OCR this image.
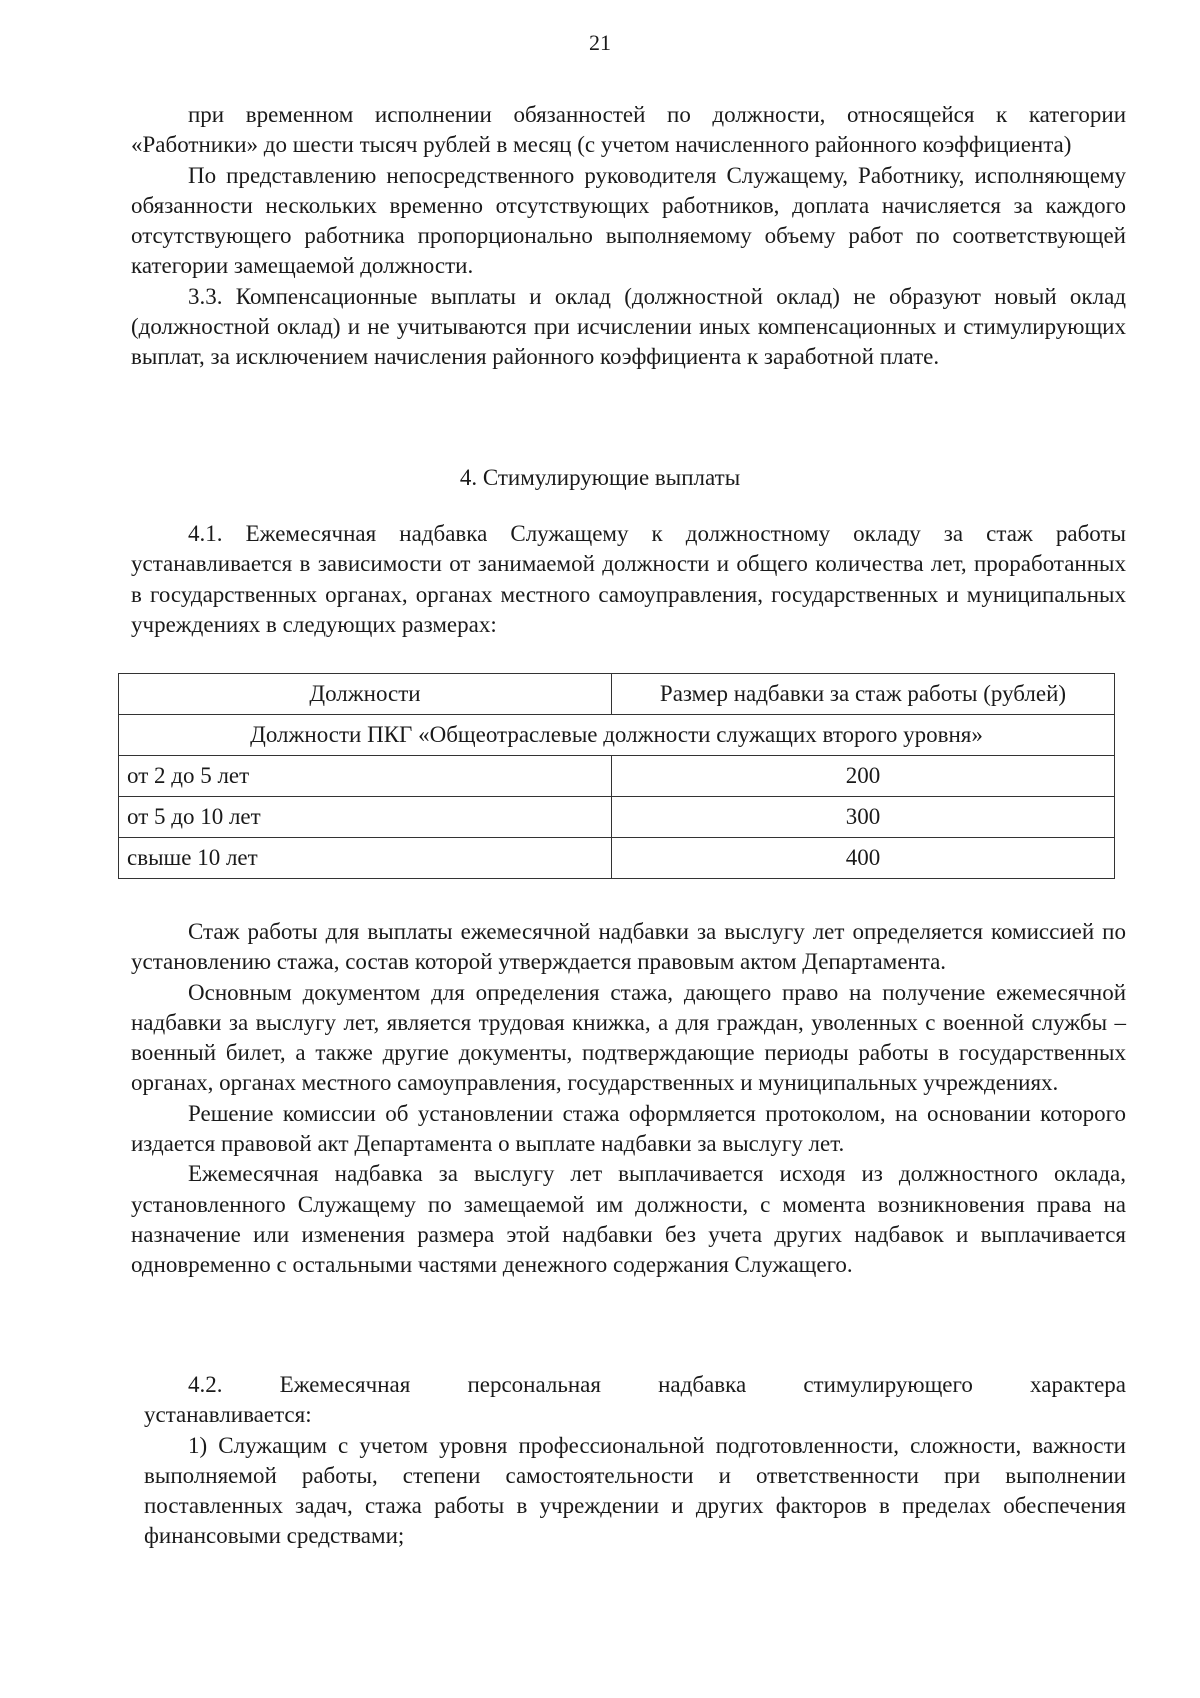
21

при временном исполнении обязанностей по должности, относящейся к категории «Работники» до шести тысяч рублей в месяц (с учетом начисленного районного коэффициента)

По представлению непосредственного руководителя Служащему, Работнику, исполняющему обязанности нескольких временно отсутствующих работников, доплата начисляется за каждого отсутствующего работника пропорционально выполняемому объему работ по соответствующей категории замещаемой должности.

3.3. Компенсационные выплаты и оклад (должностной оклад) не образуют новый оклад (должностной оклад) и не учитываются при исчислении иных компенсационных и стимулирующих выплат, за исключением начисления районного коэффициента к заработной плате.

4. Стимулирующие выплаты

4.1. Ежемесячная надбавка Служащему к должностному окладу за стаж работы устанавливается в зависимости от занимаемой должности и общего количества лет, проработанных в государственных органах, органах местного самоуправления, государственных и муниципальных учреждениях в следующих размерах:

Должности	Размер надбавки за стаж работы (рублей)
Должности ПКГ «Общеотраслевые должности служащих второго уровня»	
от 2 до 5 лет	200
от 5 до 10 лет	300
свыше 10 лет	400

Стаж работы для выплаты ежемесячной надбавки за выслугу лет определяется комиссией по установлению стажа, состав которой утверждается правовым актом Департамента.

Основным документом для определения стажа, дающего право на получение ежемесячной надбавки за выслугу лет, является трудовая книжка, а для граждан, уволенных с военной службы – военный билет, а также другие документы, подтверждающие периоды работы в государственных органах, органах местного самоуправления, государственных и муниципальных учреждениях.

Решение комиссии об установлении стажа оформляется протоколом, на основании которого издается правовой акт Департамента о выплате надбавки за выслугу лет.

Ежемесячная надбавка за выслугу лет выплачивается исходя из должностного оклада, установленного Служащему по замещаемой им должности, с момента возникновения права на назначение или изменения размера этой надбавки без учета других надбавок и выплачивается одновременно с остальными частями денежного содержания Служащего.

4.2. Ежемесячная персональная надбавка стимулирующего характера

устанавливается:

1) Служащим с учетом уровня профессиональной подготовленности, сложности, важности выполняемой работы, степени самостоятельности и ответственности при выполнении поставленных задач, стажа работы в учреждении и других факторов в пределах обеспечения финансовыми средствами;
